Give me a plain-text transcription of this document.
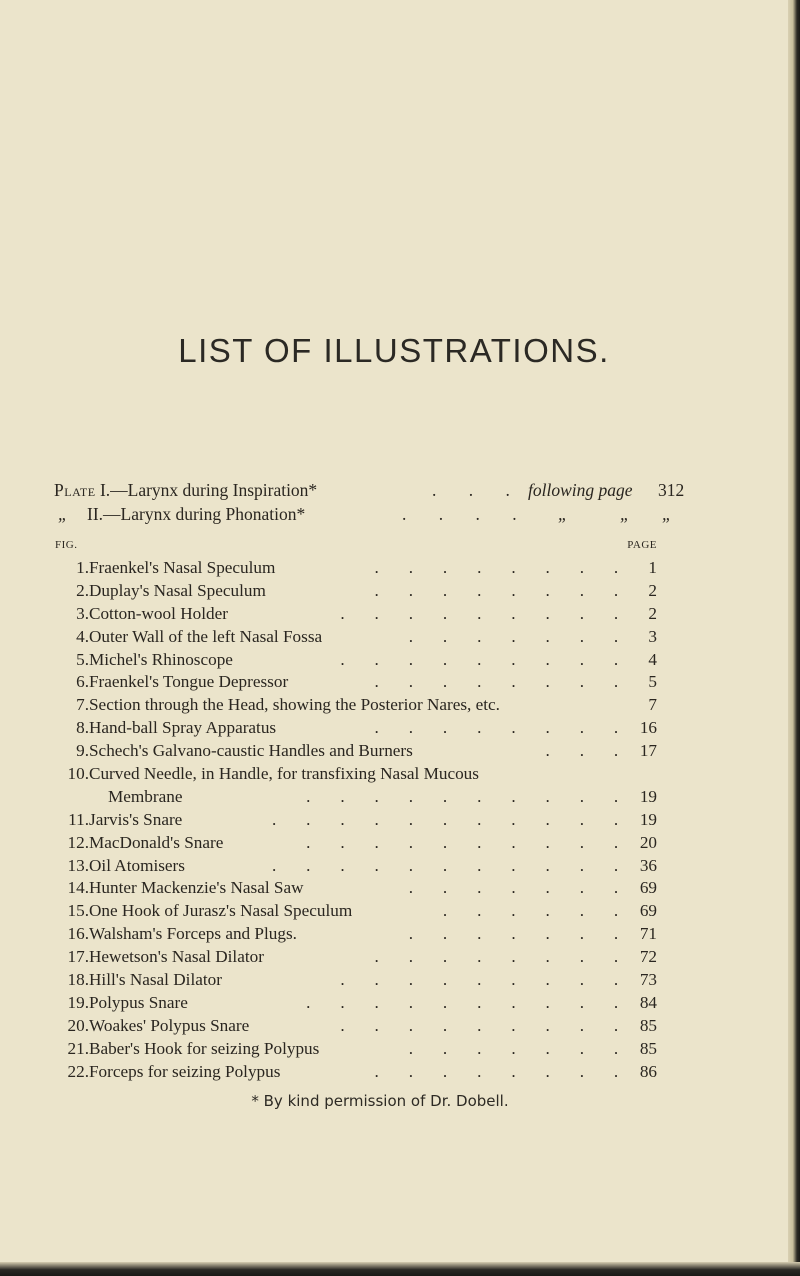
LIST OF ILLUSTRATIONS.
Plate I.—Larynx during Inspiration*	. . . following page 312
„ II.—Larynx during Phonation*	. . . . „	„ „
FIG.	PAGE
1. Fraenkel's Nasal Speculum	. . . . . . . . 1
2. Duplay's Nasal Speculum	. . . . . . . . 2
3. Cotton-wool Holder	. . . . . . . . . 2
4. Outer Wall of the left Nasal Fossa	. . . . . . . 3
5. Michel's Rhinoscope	. . . . . . . . . 4
6. Fraenkel's Tongue Depressor	. . . . . . . . 5
7. Section through the Head, showing the Posterior Nares, etc.	7
8. Hand-ball Spray Apparatus	. . . . . . . . 16
9. Schech's Galvano-caustic Handles and Burners	. . . 17
10. Curved Needle, in Handle, for transfixing Nasal Mucous
Membrane	. . . . . . . . . . 19
11. Jarvis's Snare	. . . . . . . . . . . 19
12. MacDonald's Snare	. . . . . . . . . . 20
13. Oil Atomisers	. . . . . . . . . . . 36
14. Hunter Mackenzie's Nasal Saw	. . . . . . . 69
15. One Hook of Jurasz's Nasal Speculum	. . . . . . 69
16. Walsham's Forceps and Plugs.	. . . . . . . 71
17. Hewetson's Nasal Dilator	. . . . . . . . 72
18. Hill's Nasal Dilator	. . . . . . . . . 73
19. Polypus Snare	. . . . . . . . . . 84
20. Woakes' Polypus Snare	. . . . . . . . . 85
21. Baber's Hook for seizing Polypus	. . . . . . . 85
22. Forceps for seizing Polypus	. . . . . . . . 86
* By kind permission of Dr. Dobell.
